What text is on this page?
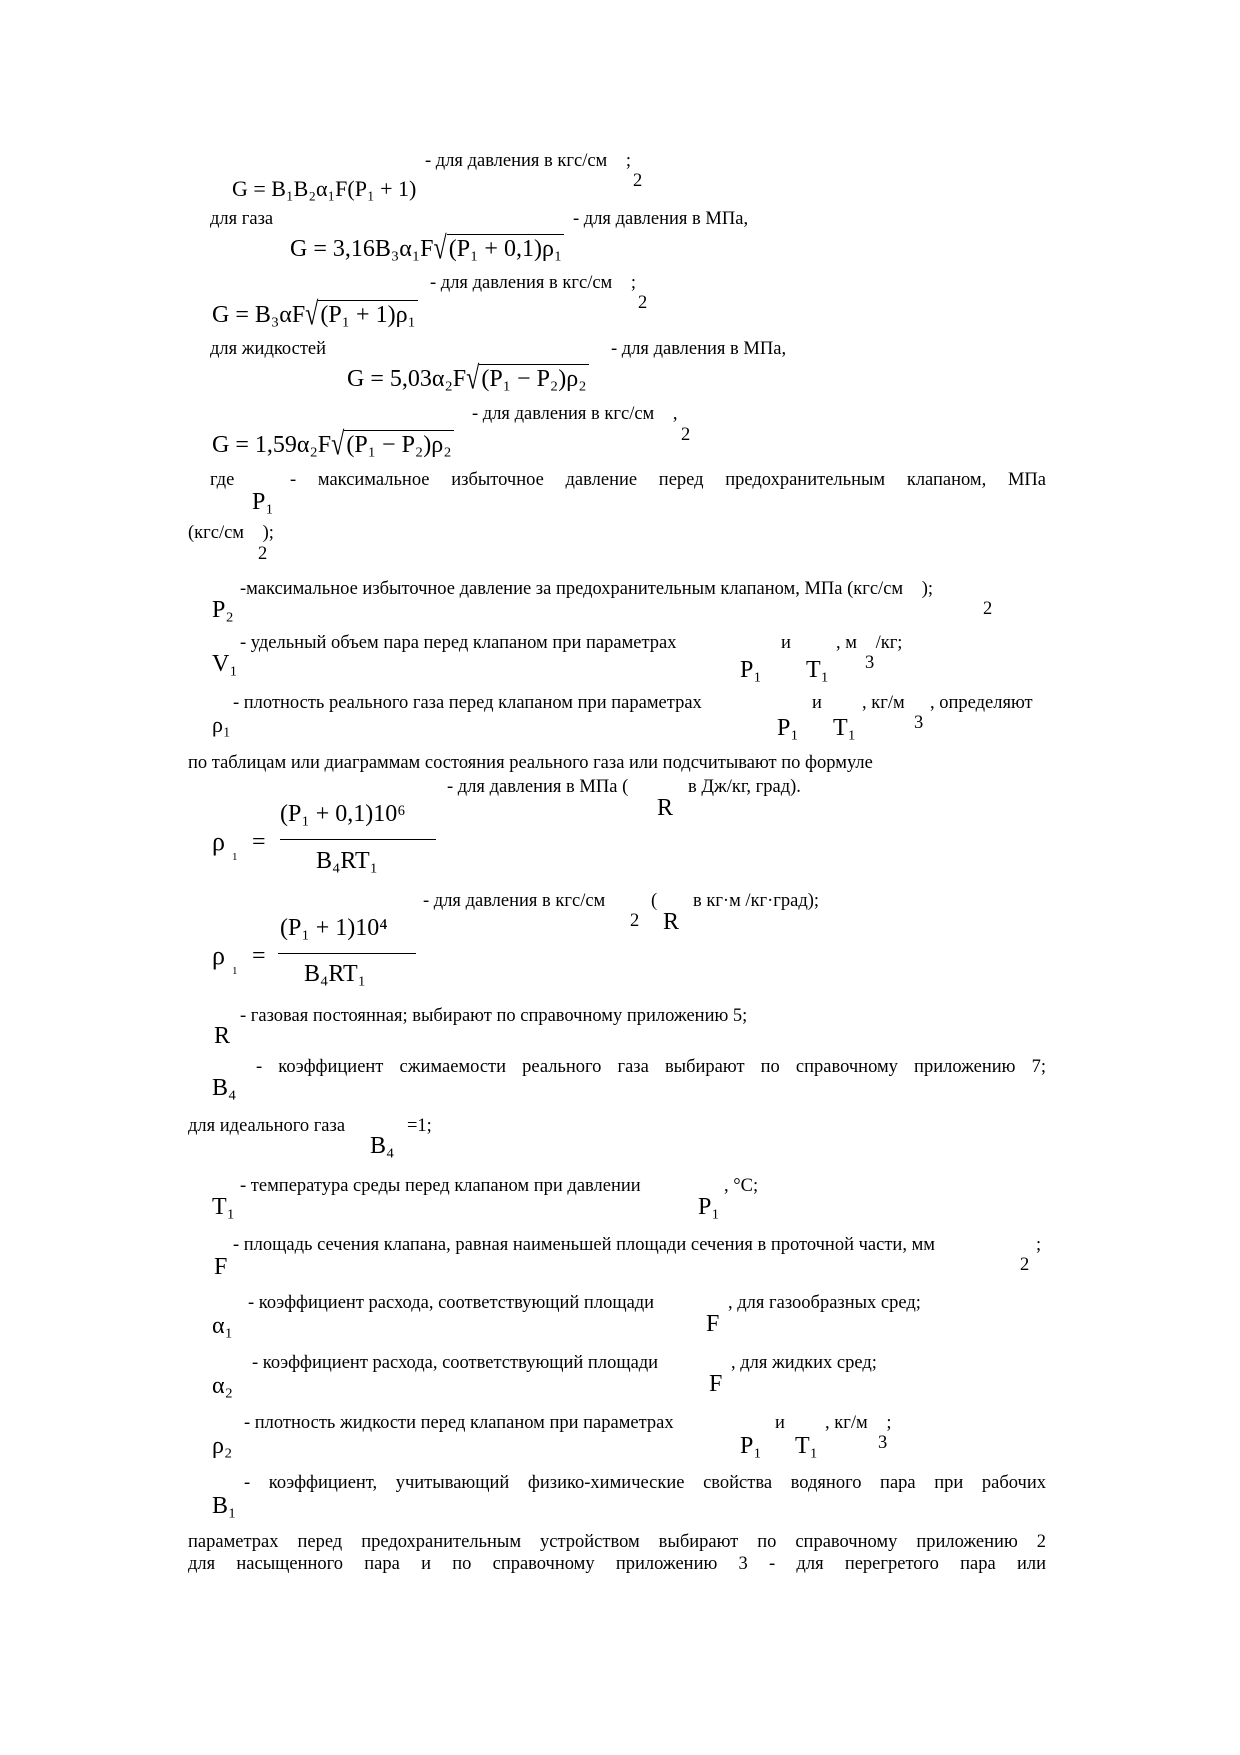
- для давления в кгс/см ;
2
G = B₁B₂α₁F(P₁ + 1)
для газа	- для давления в МПа,
G = 3,16B₃α₁F√(P₁ + 0,1)ρ₁
- для давления в кгс/см ;
2
G = B₃αF√(P₁ + 1)ρ₁
для жидкостей	- для давления в МПа,
G = 5,03α₂F√(P₁ − P₂)ρ₂
- для давления в кгс/см ,
2
G = 1,59α₂F√(P₁ − P₂)ρ₂
где	- максимальное избыточное давление перед предохранительным клапаном, МПа
P₁
(кгс/см );
2
-максимальное избыточное давление за предохранительным клапаном, МПа (кгс/см );
2
P₂
- удельный объем пара перед клапаном при параметрах	и , м /кг;
3
V₁	P₁ T₁
- плотность реального газа перед клапаном при параметрах	и , кг/м , определяют
3
ρ₁	P₁ T₁
по таблицам или диаграммам состояния реального газа или подсчитывают по формуле
- для давления в МПа (	в Дж/кг, град).
R
(P₁ + 0,1)10⁶
B₄RT₁
ρ
1
=
- для давления в кгс/см ( в кг·м /кг·град);
2 R
(P₁ + 1)10⁴
B₄RT₁
ρ
1
=
- газовая постоянная; выбирают по справочному приложению 5;
R
- коэффициент сжимаемости реального газа выбирают по справочному приложению 7;
B₄
для идеального газа	=1;
B₄
- температура среды перед клапаном при давлении	, °C;
T₁	P₁
- площадь сечения клапана, равная наименьшей площади сечения в проточной части, мм	;
2
F
- коэффициент расхода, соответствующий площади	, для газообразных сред;
α₁	F
- коэффициент расхода, соответствующий площади	, для жидких сред;
α₂	F
- плотность жидкости перед клапаном при параметрах	и , кг/м ;
3
ρ₂	P₁ T₁
- коэффициент, учитывающий физико-химические свойства водяного пара при рабочих
B₁
параметрах перед предохранительным устройством выбирают по справочному приложению 2
для насыщенного пара и по справочному приложению 3 - для перегретого пара или
